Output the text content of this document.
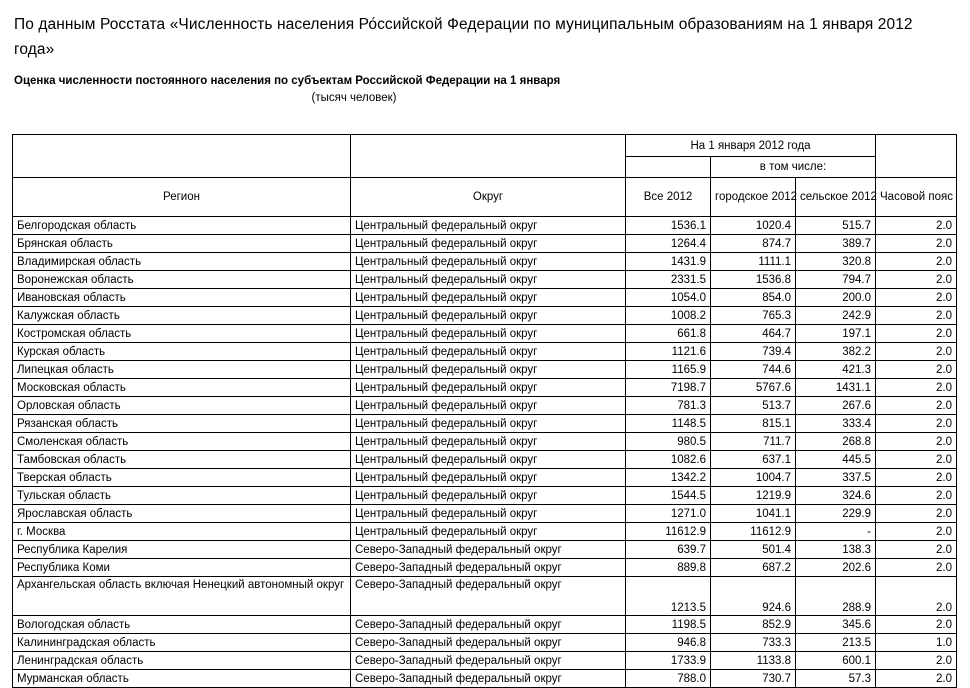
По данным Росстата «Численность населения Ро́ссийской Федерации по муниципальным образованиям на 1 января 2012 года»
Оценка численности постоянного населения по субъектам Российской Федерации на 1 января
(тысяч человек)
		На 1 января 2012 года			
			в том числе:		
Регион	Округ	Все 2012	городское 2012	сельское 2012	Часовой пояс
Белгородская область	Центральный федеральный округ	1536.1	1020.4	515.7	2.0
Брянская область	Центральный федеральный округ	1264.4	874.7	389.7	2.0
Владимирская область	Центральный федеральный округ	1431.9	1111.1	320.8	2.0
Воронежская область	Центральный федеральный округ	2331.5	1536.8	794.7	2.0
Ивановская область	Центральный федеральный округ	1054.0	854.0	200.0	2.0
Калужская область	Центральный федеральный округ	1008.2	765.3	242.9	2.0
Костромская область	Центральный федеральный округ	661.8	464.7	197.1	2.0
Курская область	Центральный федеральный округ	1121.6	739.4	382.2	2.0
Липецкая область	Центральный федеральный округ	1165.9	744.6	421.3	2.0
Московская область	Центральный федеральный округ	7198.7	5767.6	1431.1	2.0
Орловская область	Центральный федеральный округ	781.3	513.7	267.6	2.0
Рязанская область	Центральный федеральный округ	1148.5	815.1	333.4	2.0
Смоленская область	Центральный федеральный округ	980.5	711.7	268.8	2.0
Тамбовская область	Центральный федеральный округ	1082.6	637.1	445.5	2.0
Тверская область	Центральный федеральный округ	1342.2	1004.7	337.5	2.0
Тульская область	Центральный федеральный округ	1544.5	1219.9	324.6	2.0
Ярославская область	Центральный федеральный округ	1271.0	1041.1	229.9	2.0
г. Москва	Центральный федеральный округ	11612.9	11612.9	-	2.0
Республика Карелия	Северо-Западный федеральный округ	639.7	501.4	138.3	2.0
Республика Коми	Северо-Западный федеральный округ	889.8	687.2	202.6	2.0
Архангельская область включая Ненецкий автономный округ	Северо-Западный федеральный округ	1213.5	924.6	288.9	2.0
Вологодская область	Северо-Западный федеральный округ	1198.5	852.9	345.6	2.0
Калининградская область	Северо-Западный федеральный округ	946.8	733.3	213.5	1.0
Ленинградская область	Северо-Западный федеральный округ	1733.9	1133.8	600.1	2.0
Мурманская область	Северо-Западный федеральный округ	788.0	730.7	57.3	2.0
